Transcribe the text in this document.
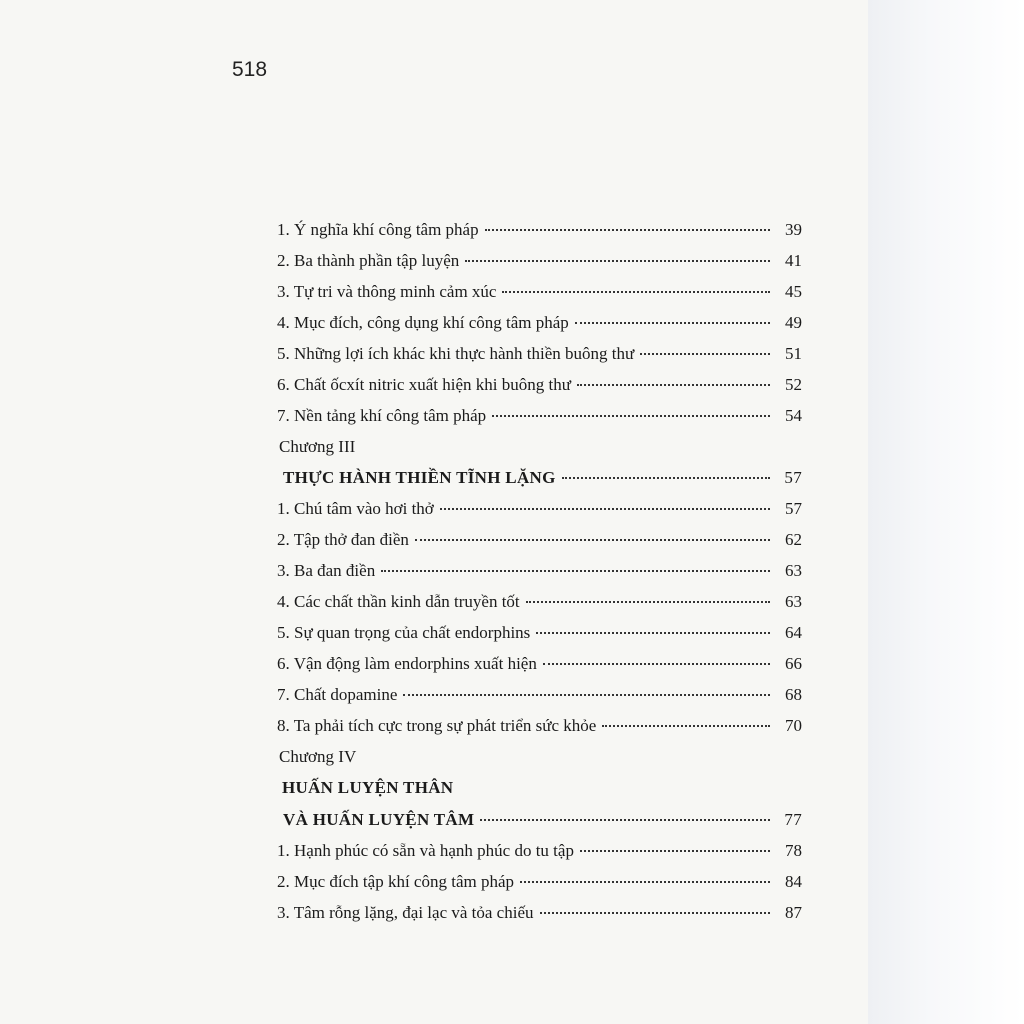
518
1. Ý nghĩa khí công tâm pháp	39
2. Ba thành phần tập luyện	41
3. Tự tri và thông minh cảm xúc	45
4. Mục đích, công dụng khí công tâm pháp	49
5. Những lợi ích khác khi thực hành thiền buông thư	51
6. Chất ốcxít nitric xuất hiện khi buông thư	52
7. Nền tảng khí công tâm pháp	54
Chương III
THỰC HÀNH THIỀN TĨNH LẶNG	57
1. Chú tâm vào hơi thở	57
2. Tập thở đan điền	62
3. Ba đan điền	63
4. Các chất thần kinh dẫn truyền tốt	63
5. Sự quan trọng của chất endorphins	64
6. Vận động làm endorphins xuất hiện	66
7. Chất dopamine	68
8. Ta phải tích cực trong sự phát triển sức khỏe	70
Chương IV
HUẤN LUYỆN THÂN
VÀ HUẤN LUYỆN TÂM	77
1. Hạnh phúc có sẵn và hạnh phúc do tu tập	78
2. Mục đích tập khí công tâm pháp	84
3. Tâm rỗng lặng, đại lạc và tỏa chiếu	87
